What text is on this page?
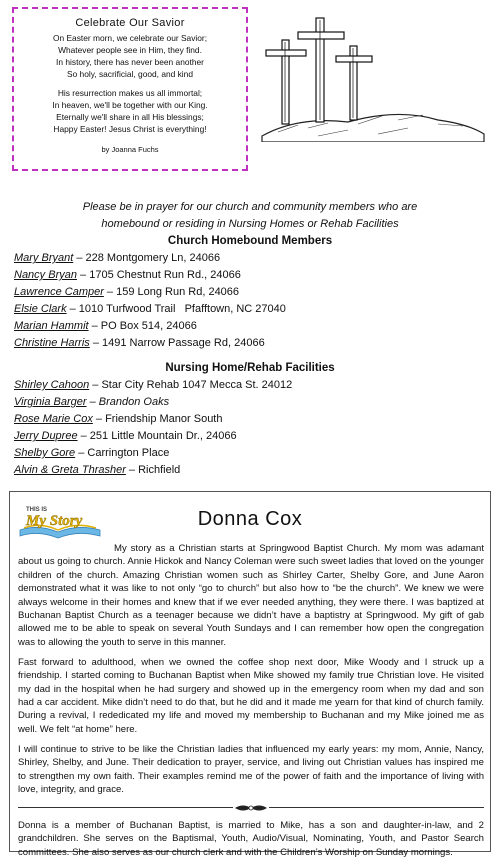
Celebrate Our Savior
On Easter morn, we celebrate our Savior;
Whatever people see in Him, they find.
In history, there has never been another
So holy, sacrificial, good, and kind
His resurrection makes us all immortal;
In heaven, we'll be together with our King.
Eternally we'll share in all His blessings;
Happy Easter! Jesus Christ is everything!
by Joanna Fuchs
Please be in prayer for our church and community members who are homebound or residing in Nursing Homes or Rehab Facilities
Church Homebound Members
Mary Bryant – 228 Montgomery Ln, 24066
Nancy Bryan – 1705 Chestnut Run Rd., 24066
Lawrence Camper – 159 Long Run Rd, 24066
Elsie Clark – 1010 Turfwood Trail   Pfafftown, NC 27040
Marian Hammit – PO Box 514, 24066
Christine Harris – 1491 Narrow Passage Rd, 24066
Nursing Home/Rehab Facilities
Shirley Cahoon – Star City Rehab 1047 Mecca St. 24012
Virginia Barger – Brandon Oaks
Rose Marie Cox – Friendship Manor South
Jerry Dupree – 251 Little Mountain Dr., 24066
Shelby Gore – Carrington Place
Alvin & Greta Thrasher – Richfield
THIS IS
My Story	Donna Cox

My story as a Christian starts at Springwood Baptist Church. My mom was adamant about us going to church. Annie Hickok and Nancy Coleman were such sweet ladies that loved on the younger children of the church. Amazing Christian women such as Shirley Carter, Shelby Gore, and June Aaron demonstrated what it was like to not only “go to church” but also how to “be the church”. We knew we were always welcome in their homes and knew that if we ever needed anything, they were there. I was baptized at Buchanan Baptist Church as a teenager because we didn’t have a baptistry at Springwood. My gift of gab allowed me to be able to speak on several Youth Sundays and I can remember how open the congregation was to allowing the youth to serve in this manner.

Fast forward to adulthood, when we owned the coffee shop next door, Mike Woody and I struck up a friendship. I started coming to Buchanan Baptist when Mike showed my family true Christian love. He visited my dad in the hospital when he had surgery and showed up in the emergency room when my dad and son had a car accident. Mike didn’t need to do that, but he did and it made me yearn for that kind of church family. During a revival, I rededicated my life and moved my membership to Buchanan and my Mike joined me as well. We felt “at home” here.

I will continue to strive to be like the Christian ladies that influenced my early years: my mom, Annie, Nancy, Shirley, Shelby, and June. Their dedication to prayer, service, and living out Christian values has inspired me to strengthen my own faith. Their examples remind me of the power of faith and the importance of living with love, integrity, and grace.

Donna is a member of Buchanan Baptist, is married to Mike, has a son and daughter-in-law, and 2 grandchildren. She serves on the Baptismal, Youth, Audio/Visual, Nominating, Youth, and Pastor Search committees. She also serves as our church clerk and with the Children’s Worship on Sunday mornings.
